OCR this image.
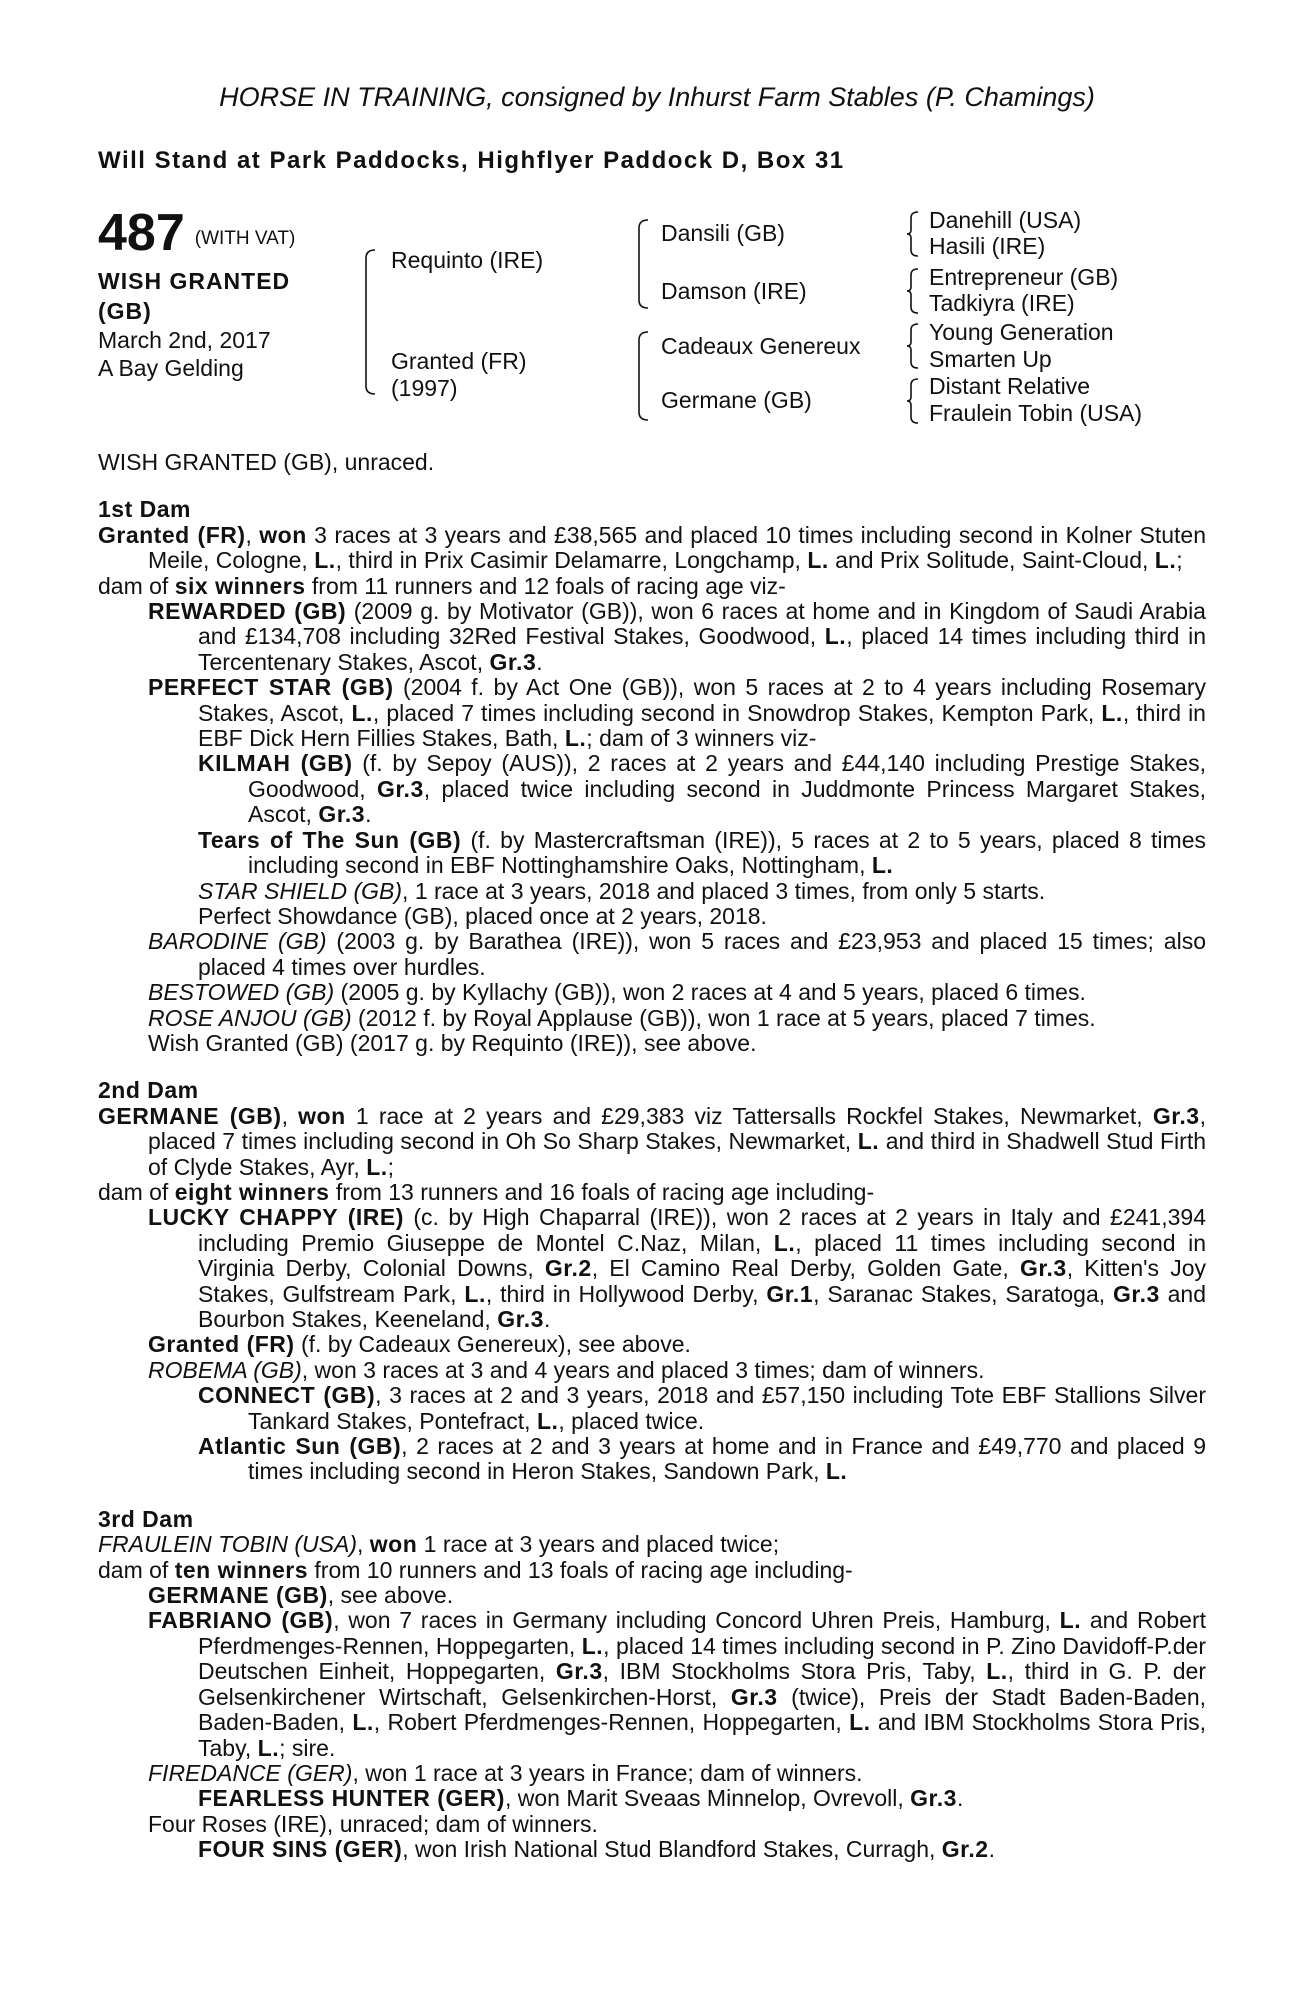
HORSE IN TRAINING, consigned by Inhurst Farm Stables (P. Chamings)
Will Stand at Park Paddocks, Highflyer Paddock D, Box 31
487 (WITH VAT)
WISH GRANTED
(GB)
March 2nd, 2017
A Bay Gelding
Requinto (IRE)
Granted (FR)
(1997)
Dansili (GB)
Damson (IRE)
Cadeaux Genereux
Germane (GB)
Danehill (USA)
Hasili (IRE)
Entrepreneur (GB)
Tadkiyra (IRE)
Young Generation
Smarten Up
Distant Relative
Fraulein Tobin (USA)

WISH GRANTED (GB), unraced.

1st Dam

Granted (FR), won 3 races at 3 years and £38,565 and placed 10 times including second in Kolner Stuten Meile, Cologne, L., third in Prix Casimir Delamarre, Longchamp, L. and Prix Solitude, Saint-Cloud, L.;

dam of six winners from 11 runners and 12 foals of racing age viz-

REWARDED (GB) (2009 g. by Motivator (GB)), won 6 races at home and in Kingdom of Saudi Arabia and £134,708 including 32Red Festival Stakes, Goodwood, L., placed 14 times including third in Tercentenary Stakes, Ascot, Gr.3.

PERFECT STAR (GB) (2004 f. by Act One (GB)), won 5 races at 2 to 4 years including Rosemary Stakes, Ascot, L., placed 7 times including second in Snowdrop Stakes, Kempton Park, L., third in EBF Dick Hern Fillies Stakes, Bath, L.; dam of 3 winners viz-

KILMAH (GB) (f. by Sepoy (AUS)), 2 races at 2 years and £44,140 including Prestige Stakes, Goodwood, Gr.3, placed twice including second in Juddmonte Princess Margaret Stakes, Ascot, Gr.3.

Tears of The Sun (GB) (f. by Mastercraftsman (IRE)), 5 races at 2 to 5 years, placed 8 times including second in EBF Nottinghamshire Oaks, Nottingham, L.

STAR SHIELD (GB), 1 race at 3 years, 2018 and placed 3 times, from only 5 starts.

Perfect Showdance (GB), placed once at 2 years, 2018.

BARODINE (GB) (2003 g. by Barathea (IRE)), won 5 races and £23,953 and placed 15 times; also placed 4 times over hurdles.

BESTOWED (GB) (2005 g. by Kyllachy (GB)), won 2 races at 4 and 5 years, placed 6 times.

ROSE ANJOU (GB) (2012 f. by Royal Applause (GB)), won 1 race at 5 years, placed 7 times.

Wish Granted (GB) (2017 g. by Requinto (IRE)), see above.

2nd Dam

GERMANE (GB), won 1 race at 2 years and £29,383 viz Tattersalls Rockfel Stakes, Newmarket, Gr.3, placed 7 times including second in Oh So Sharp Stakes, Newmarket, L. and third in Shadwell Stud Firth of Clyde Stakes, Ayr, L.;

dam of eight winners from 13 runners and 16 foals of racing age including-

LUCKY CHAPPY (IRE) (c. by High Chaparral (IRE)), won 2 races at 2 years in Italy and £241,394 including Premio Giuseppe de Montel C.Naz, Milan, L., placed 11 times including second in Virginia Derby, Colonial Downs, Gr.2, El Camino Real Derby, Golden Gate, Gr.3, Kitten's Joy Stakes, Gulfstream Park, L., third in Hollywood Derby, Gr.1, Saranac Stakes, Saratoga, Gr.3 and Bourbon Stakes, Keeneland, Gr.3.

Granted (FR) (f. by Cadeaux Genereux), see above.

ROBEMA (GB), won 3 races at 3 and 4 years and placed 3 times; dam of winners.

CONNECT (GB), 3 races at 2 and 3 years, 2018 and £57,150 including Tote EBF Stallions Silver Tankard Stakes, Pontefract, L., placed twice.

Atlantic Sun (GB), 2 races at 2 and 3 years at home and in France and £49,770 and placed 9 times including second in Heron Stakes, Sandown Park, L.

3rd Dam

FRAULEIN TOBIN (USA), won 1 race at 3 years and placed twice;

dam of ten winners from 10 runners and 13 foals of racing age including-

GERMANE (GB), see above.

FABRIANO (GB), won 7 races in Germany including Concord Uhren Preis, Hamburg, L. and Robert Pferdmenges-Rennen, Hoppegarten, L., placed 14 times including second in P. Zino Davidoff-P.der Deutschen Einheit, Hoppegarten, Gr.3, IBM Stockholms Stora Pris, Taby, L., third in G. P. der Gelsenkirchener Wirtschaft, Gelsenkirchen-Horst, Gr.3 (twice), Preis der Stadt Baden-Baden, Baden-Baden, L., Robert Pferdmenges-Rennen, Hoppegarten, L. and IBM Stockholms Stora Pris, Taby, L.; sire.

FIREDANCE (GER), won 1 race at 3 years in France; dam of winners.

FEARLESS HUNTER (GER), won Marit Sveaas Minnelop, Ovrevoll, Gr.3.

Four Roses (IRE), unraced; dam of winners.

FOUR SINS (GER), won Irish National Stud Blandford Stakes, Curragh, Gr.2.
